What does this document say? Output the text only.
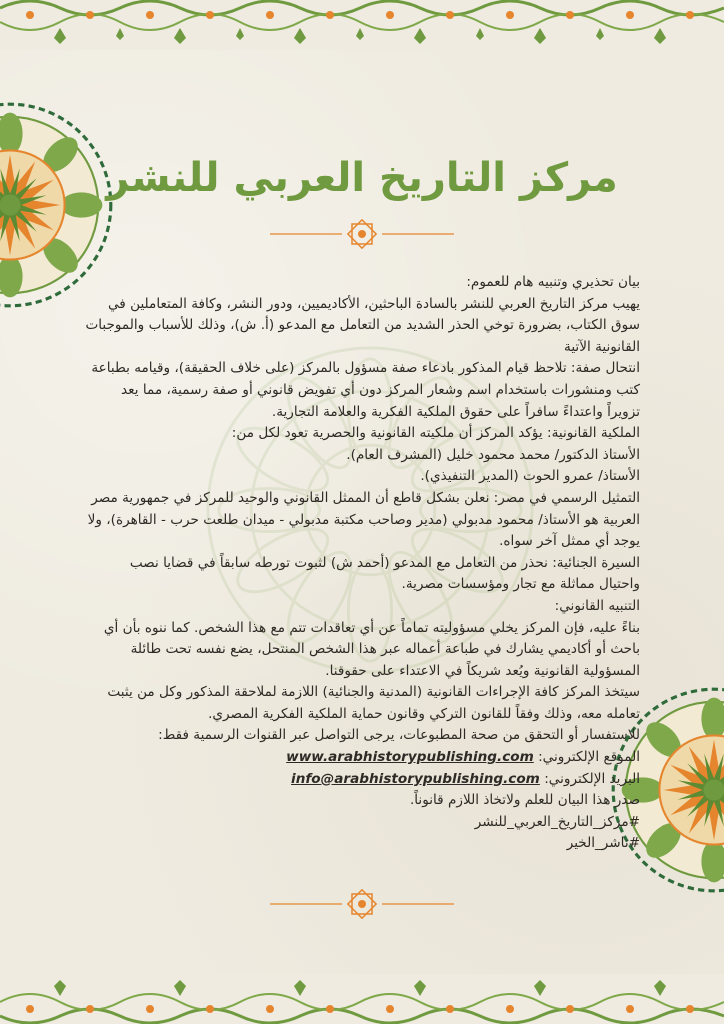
مركز التاريخ العربي للنشر

بيان تحذيري وتنبيه هام للعموم:

يهيب مركز التاريخ العربي للنشر بالسادة الباحثين، الأكاديميين، ودور النشر، وكافة المتعاملين في سوق الكتاب، بضرورة توخي الحذر الشديد من التعامل مع المدعو (أ. ش)، وذلك للأسباب والموجبات القانونية الآتية

انتحال صفة: تلاحظ قيام المذكور بادعاء صفة مسؤول بالمركز (على خلاف الحقيقة)، وقيامه بطباعة كتب ومنشورات باستخدام اسم وشعار المركز دون أي تفويض قانوني أو صفة رسمية، مما يعد تزويراً واعتداءً سافراً على حقوق الملكية الفكرية والعلامة التجارية.

الملكية القانونية: يؤكد المركز أن ملكيته القانونية والحصرية تعود لكل من:

الأستاذ الدكتور/ محمد محمود خليل (المشرف العام).

الأستاذ/ عمرو الحوت (المدير التنفيذي).

التمثيل الرسمي في مصر: نعلن بشكل قاطع أن الممثل القانوني والوحيد للمركز في جمهورية مصر العربية هو الأستاذ/ محمود مدبولي (مدير وصاحب مكتبة مدبولي - ميدان طلعت حرب - القاهرة)، ولا يوجد أي ممثل آخر سواه.

السيرة الجنائية: نحذر من التعامل مع المدعو (أحمد ش) لثبوت تورطه سابقاً في قضايا نصب واحتيال مماثلة مع تجار ومؤسسات مصرية.

التنبيه القانوني:

بناءً عليه، فإن المركز يخلي مسؤوليته تماماً عن أي تعاقدات تتم مع هذا الشخص. كما ننوه بأن أي باحث أو أكاديمي يشارك في طباعة أعماله عبر هذا الشخص المنتحل، يضع نفسه تحت طائلة المسؤولية القانونية ويُعد شريكاً في الاعتداء على حقوقنا.

سيتخذ المركز كافة الإجراءات القانونية (المدنية والجنائية) اللازمة لملاحقة المذكور وكل من يثبت تعامله معه، وذلك وفقاً للقانون التركي وقانون حماية الملكية الفكرية المصري.

للاستفسار أو التحقق من صحة المطبوعات، يرجى التواصل عبر القنوات الرسمية فقط:

الموقع الإلكتروني: www.arabhistorypublishing.com

البريد الإلكتروني: info@arabhistorypublishing.com

صدر هذا البيان للعلم ولاتخاذ اللازم قانوناً.

#مركز_التاريخ_العربي_للنشر

#ناشر_الخير
